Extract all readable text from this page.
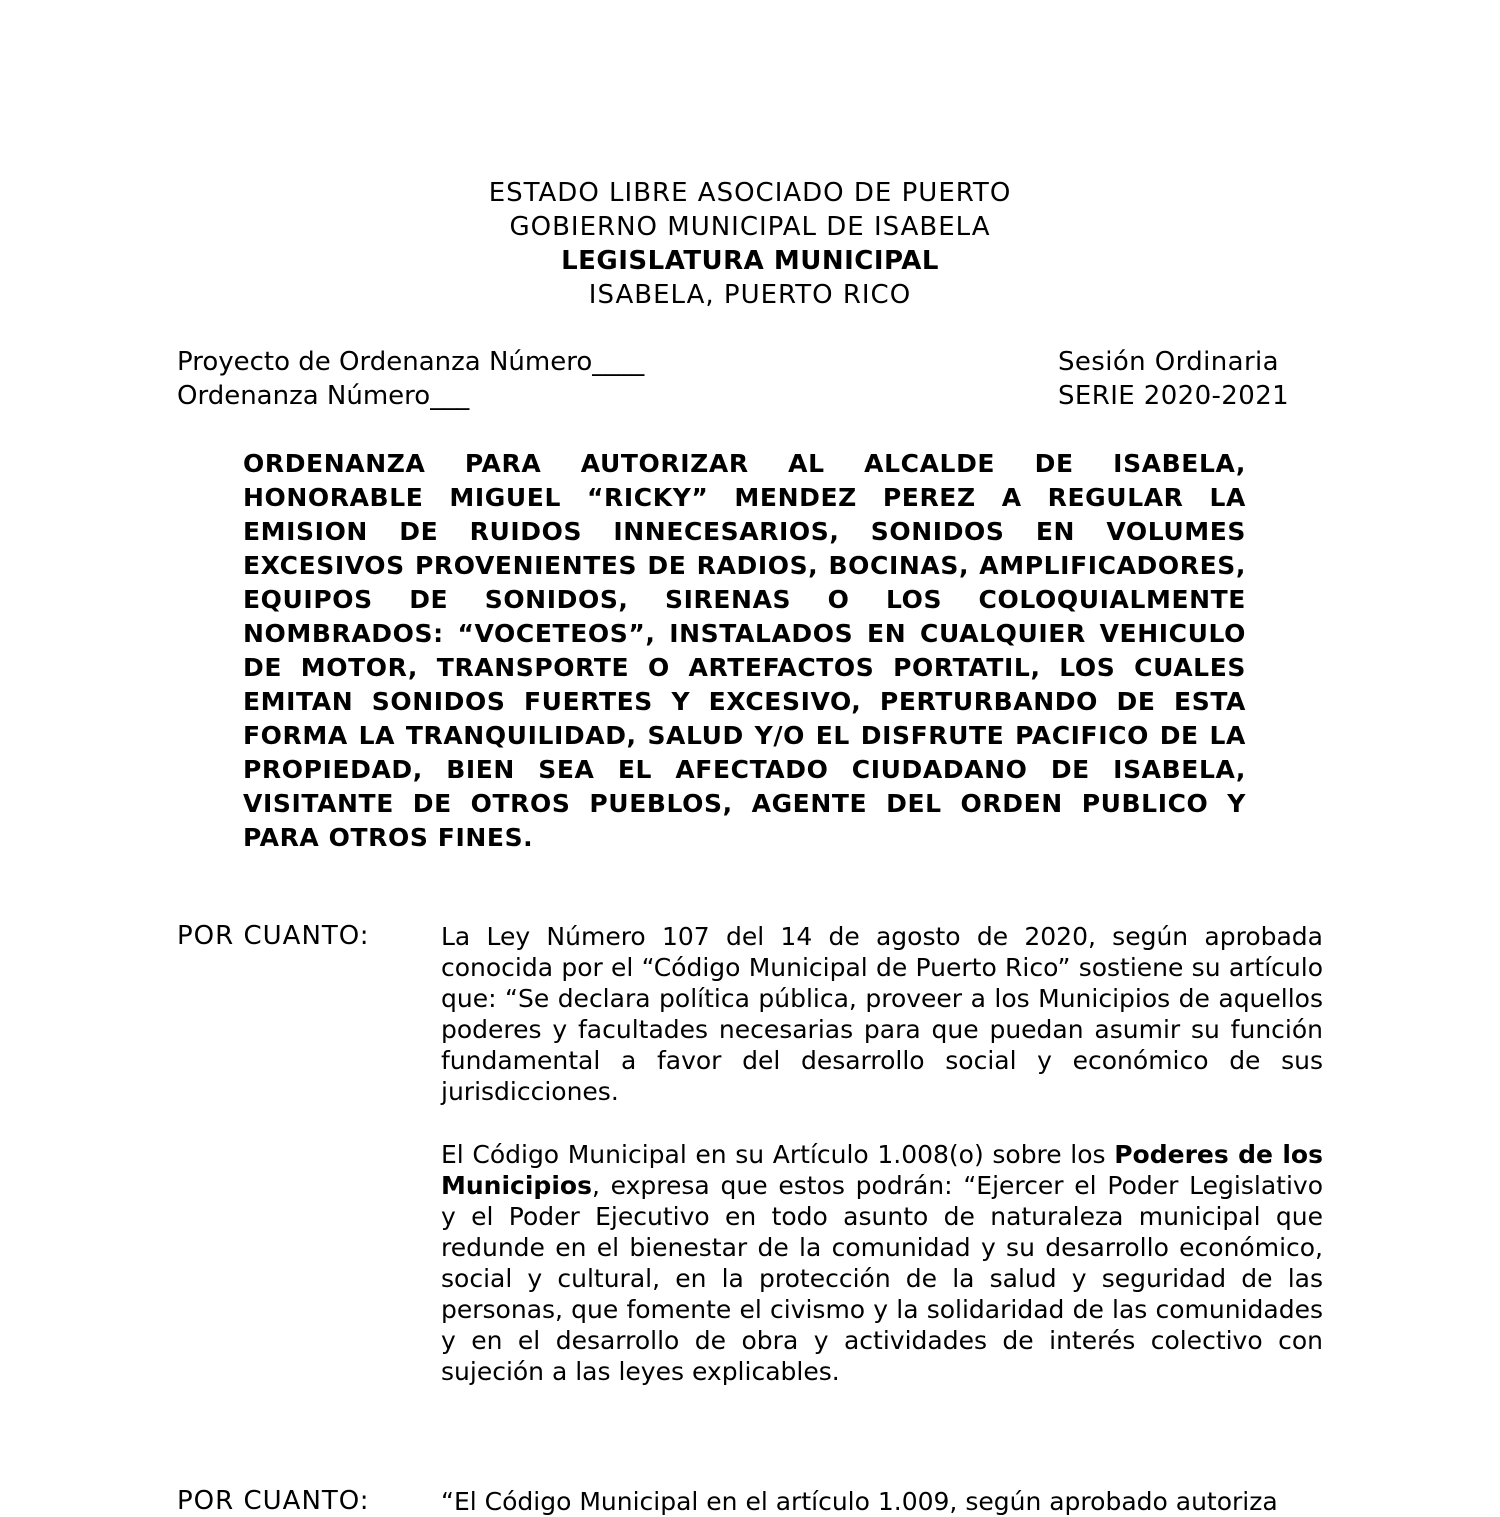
ESTADO LIBRE ASOCIADO DE PUERTO
GOBIERNO MUNICIPAL DE ISABELA
LEGISLATURA MUNICIPAL
ISABELA, PUERTO RICO
Proyecto de Ordenanza Número____
Ordenanza Número___
Sesión Ordinaria
SERIE 2020-2021
ORDENANZA PARA AUTORIZAR AL ALCALDE DE ISABELA, HONORABLE MIGUEL “RICKY” MENDEZ PEREZ A REGULAR LA EMISION DE RUIDOS INNECESARIOS, SONIDOS EN VOLUMES EXCESIVOS PROVENIENTES DE RADIOS, BOCINAS, AMPLIFICADORES, EQUIPOS DE SONIDOS, SIRENAS O LOS COLOQUIALMENTE NOMBRADOS: “VOCETEOS”, INSTALADOS EN CUALQUIER VEHICULO DE MOTOR, TRANSPORTE O ARTEFACTOS PORTATIL, LOS CUALES EMITAN SONIDOS FUERTES Y EXCESIVO, PERTURBANDO DE ESTA FORMA LA TRANQUILIDAD, SALUD Y/O EL DISFRUTE PACIFICO DE LA PROPIEDAD, BIEN SEA EL AFECTADO CIUDADANO DE ISABELA, VISITANTE DE OTROS PUEBLOS, AGENTE DEL ORDEN PUBLICO Y PARA OTROS FINES.
POR CUANTO:	La Ley Número 107 del 14 de agosto de 2020, según aprobada conocida por el “Código Municipal de Puerto Rico” sostiene su artículo que: “Se declara política pública, proveer a los Municipios de aquellos poderes y facultades necesarias para que puedan asumir su función fundamental a favor del desarrollo social y económico de sus jurisdicciones.
El Código Municipal en su Artículo 1.008(o) sobre los Poderes de los Municipios, expresa que estos podrán: “Ejercer el Poder Legislativo y el Poder Ejecutivo en todo asunto de naturaleza municipal que redunde en el bienestar de la comunidad y su desarrollo económico, social y cultural, en la protección de la salud y seguridad de las personas, que fomente el civismo y la solidaridad de las comunidades y en el desarrollo de obra y actividades de interés colectivo con sujeción a las leyes explicables.
POR CUANTO:	“El Código Municipal en el artículo 1.009, según aprobado autoriza
